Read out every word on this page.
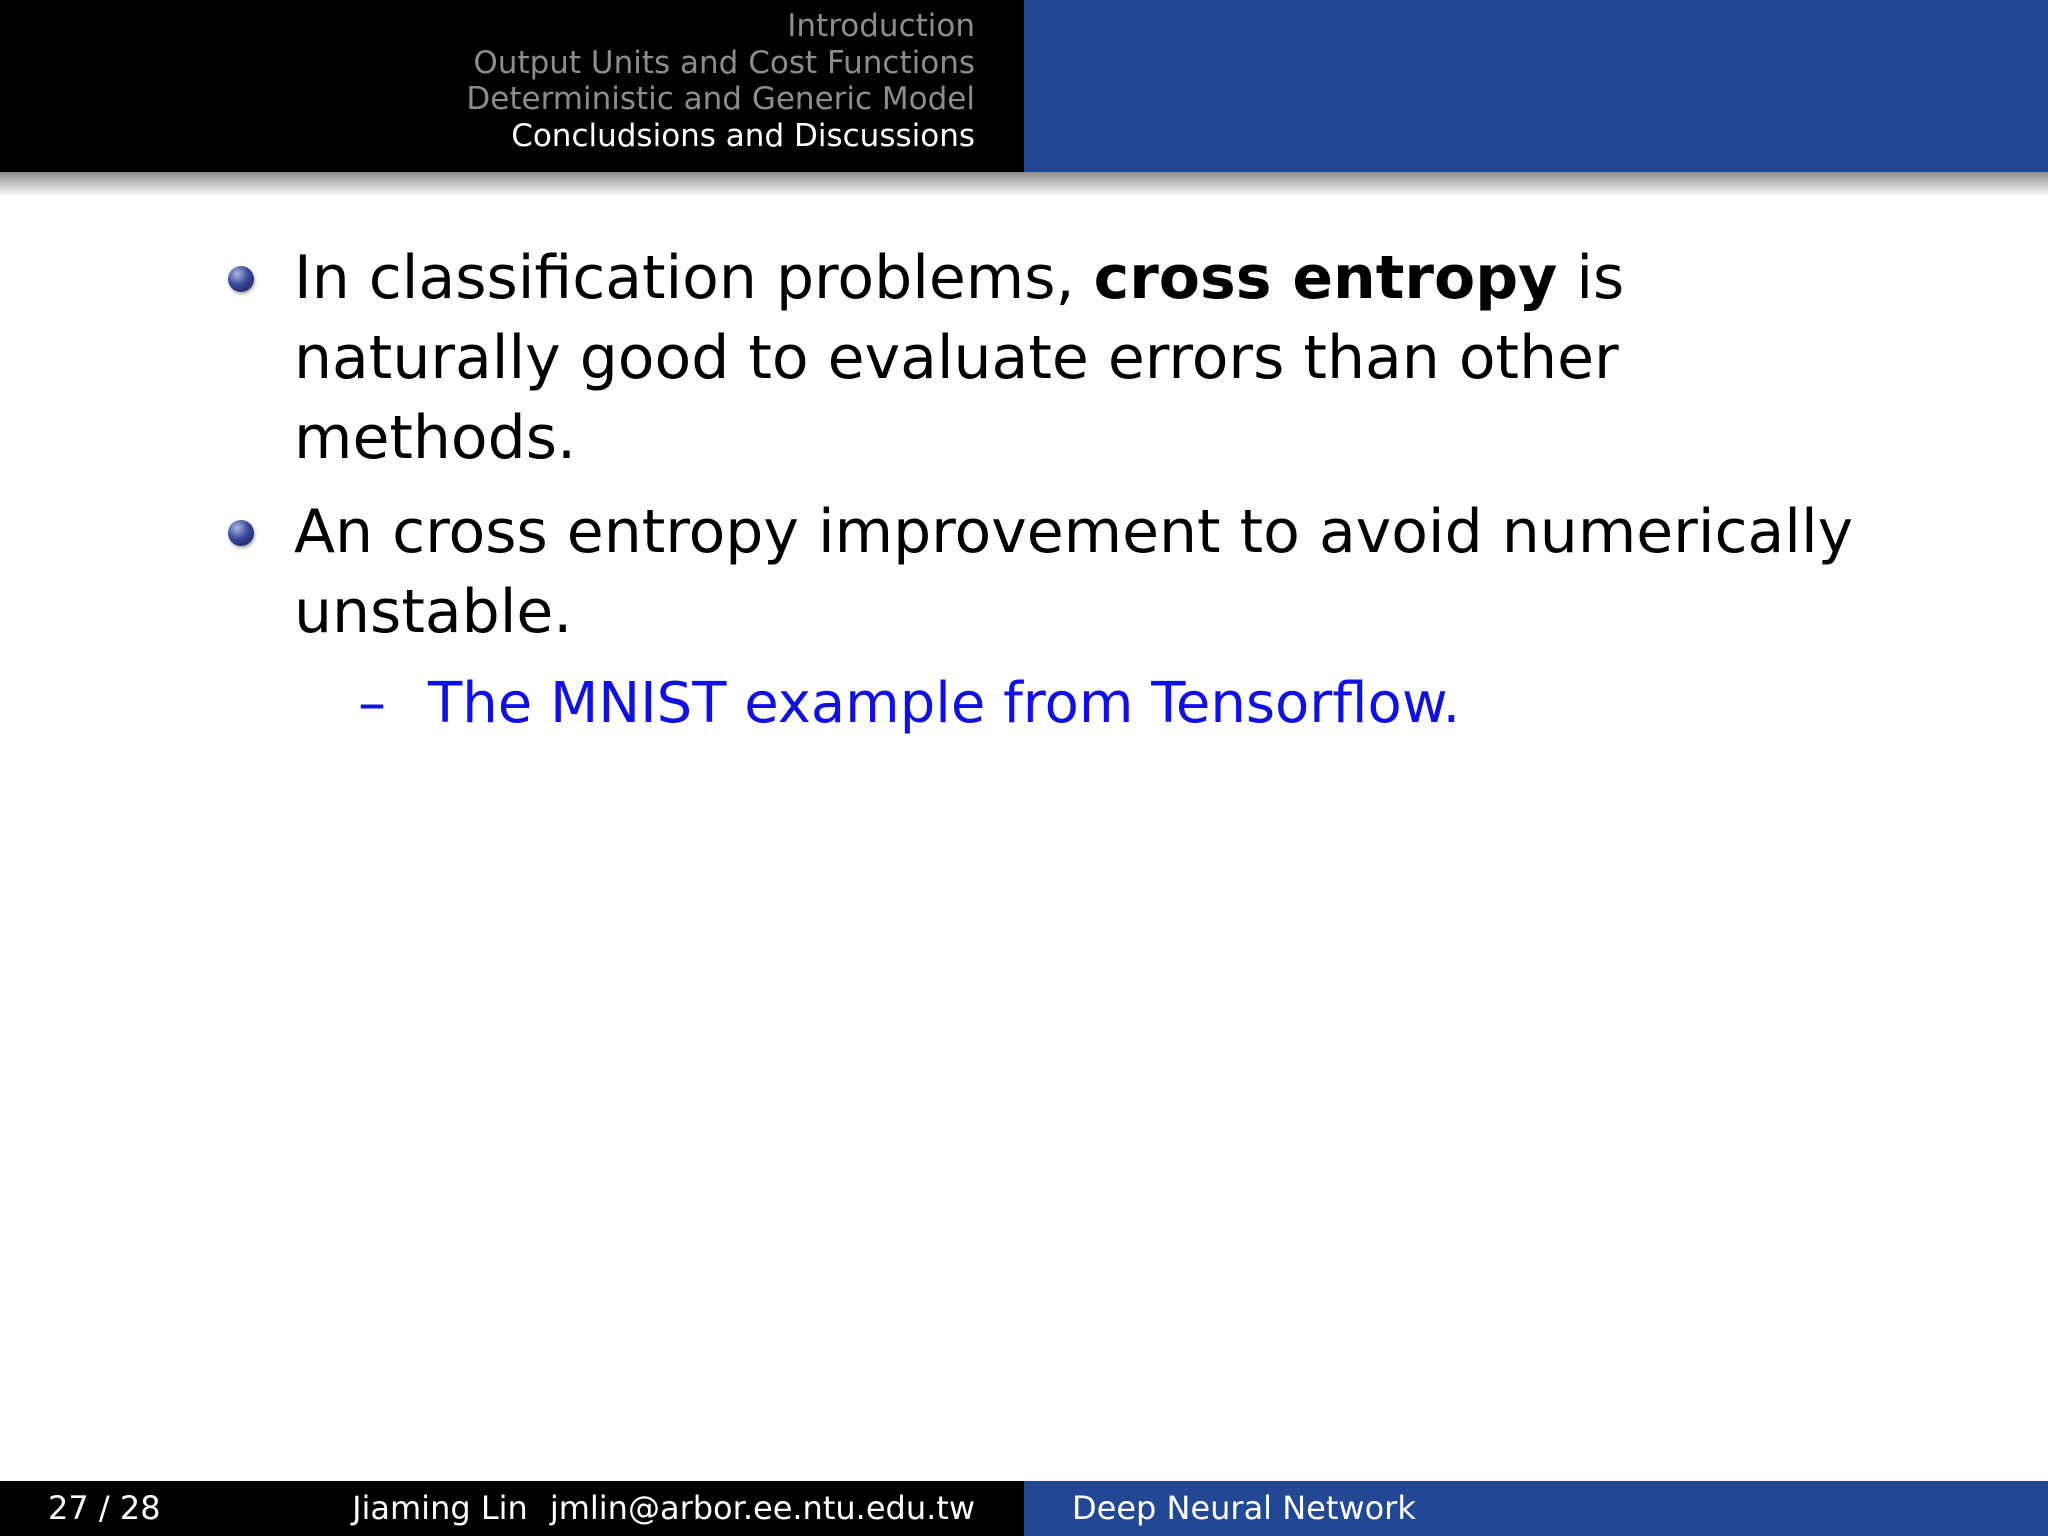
Introduction
Output Units and Cost Functions
Deterministic and Generic Model
Concludsions and Discussions
In classification problems, cross entropy is naturally good to evaluate errors than other methods.
An cross entropy improvement to avoid numerically unstable.
– The MNIST example from Tensorflow.
27 / 28	Jiaming Lin jmlin@arbor.ee.ntu.edu.tw	Deep Neural Network
